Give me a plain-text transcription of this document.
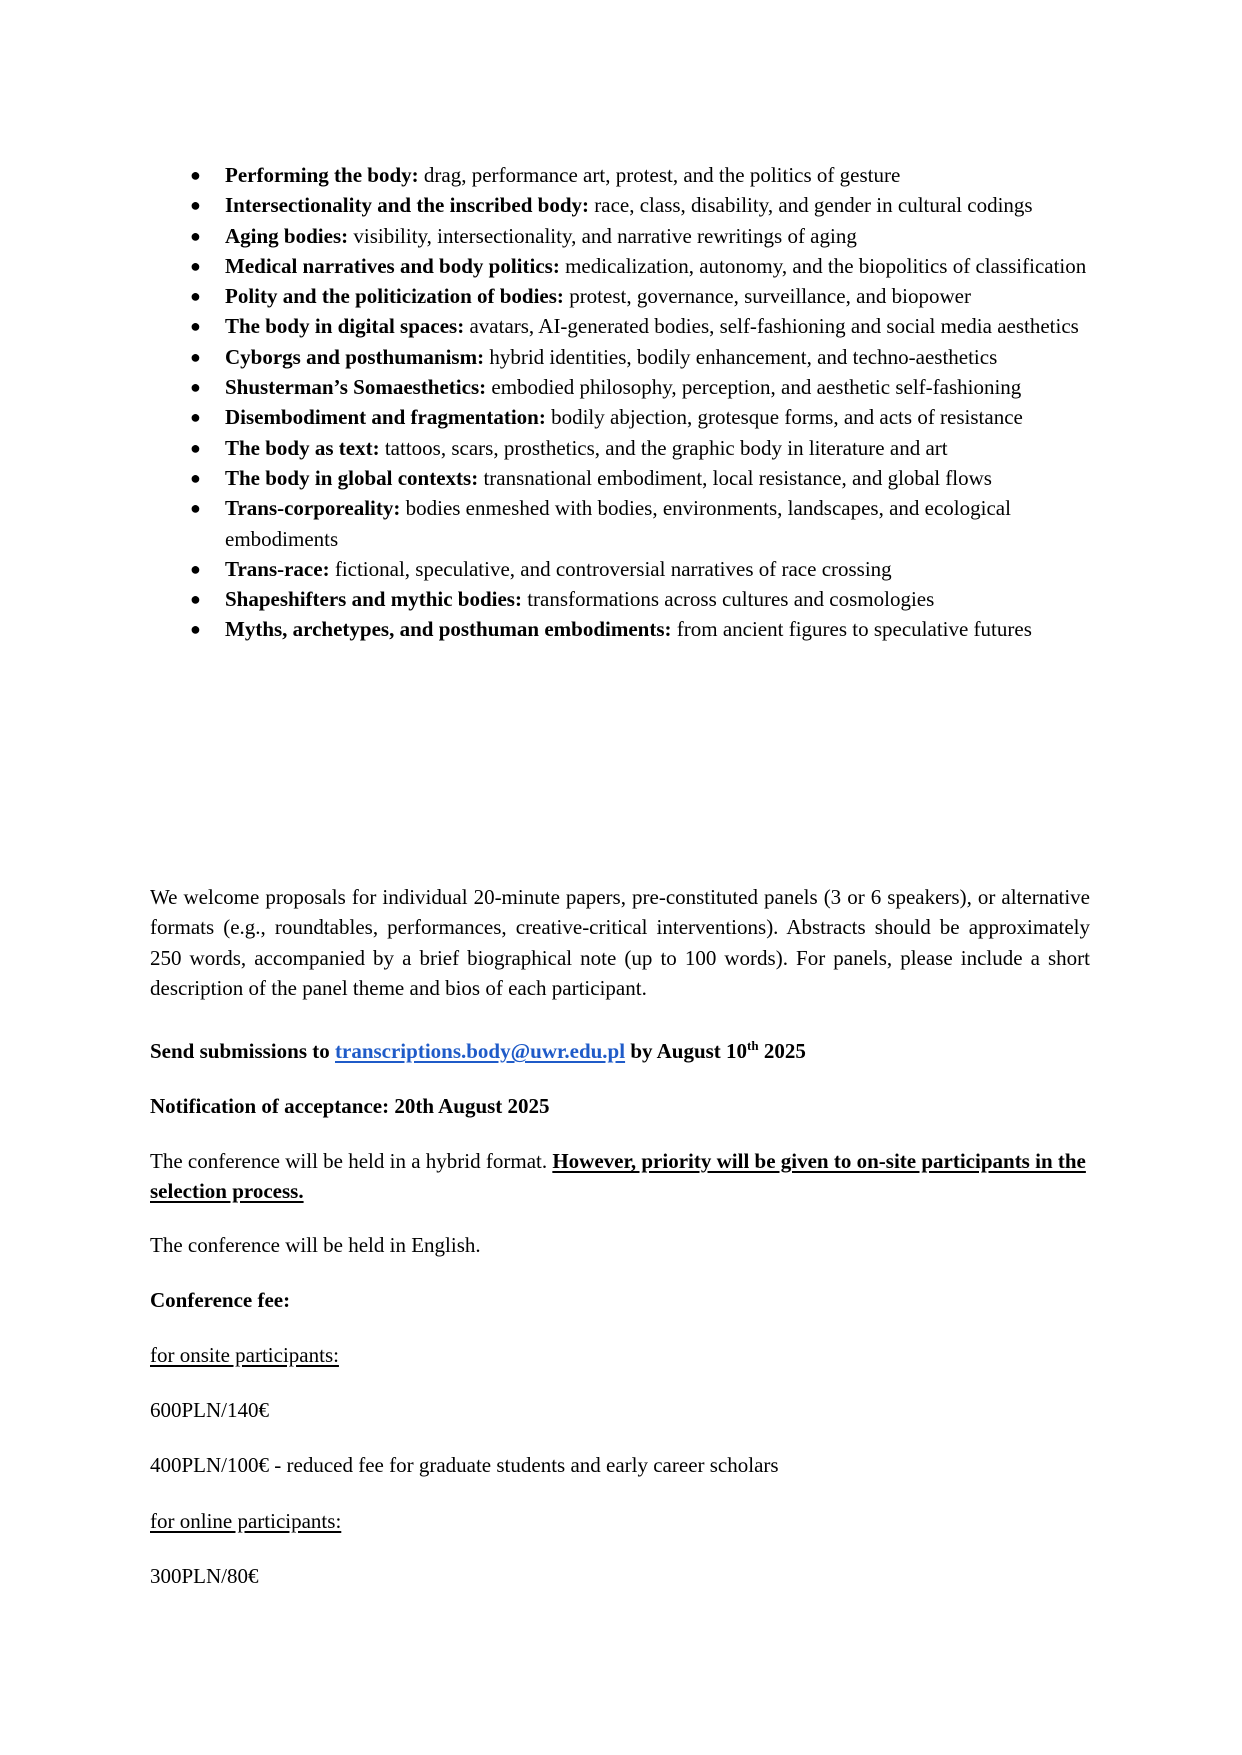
● Performing the body: drag, performance art, protest, and the politics of gesture
● Intersectionality and the inscribed body: race, class, disability, and gender in cultural codings
● Aging bodies: visibility, intersectionality, and narrative rewritings of aging
● Medical narratives and body politics: medicalization, autonomy, and the biopolitics of classification
● Polity and the politicization of bodies: protest, governance, surveillance, and biopower
● The body in digital spaces: avatars, AI-generated bodies, self-fashioning and social media aesthetics
● Cyborgs and posthumanism: hybrid identities, bodily enhancement, and techno-aesthetics
● Shusterman’s Somaesthetics: embodied philosophy, perception, and aesthetic self-fashioning
● Disembodiment and fragmentation: bodily abjection, grotesque forms, and acts of resistance
● The body as text: tattoos, scars, prosthetics, and the graphic body in literature and art
● The body in global contexts: transnational embodiment, local resistance, and global flows
● Trans-corporeality: bodies enmeshed with bodies, environments, landscapes, and ecological embodiments
● Trans-race: fictional, speculative, and controversial narratives of race crossing
● Shapeshifters and mythic bodies: transformations across cultures and cosmologies
● Myths, archetypes, and posthuman embodiments: from ancient figures to speculative futures

We welcome proposals for individual 20-minute papers, pre-constituted panels (3 or 6 speakers), or alternative formats (e.g., roundtables, performances, creative-critical interventions). Abstracts should be approximately 250 words, accompanied by a brief biographical note (up to 100 words). For panels, please include a short description of the panel theme and bios of each participant.

Send submissions to transcriptions.body@uwr.edu.pl by August 10th 2025

Notification of acceptance: 20th August 2025

The conference will be held in a hybrid format. However, priority will be given to on-site participants in the selection process.

The conference will be held in English.

Conference fee:

for onsite participants:

600PLN/140€

400PLN/100€ - reduced fee for graduate students and early career scholars

for online participants:

300PLN/80€
